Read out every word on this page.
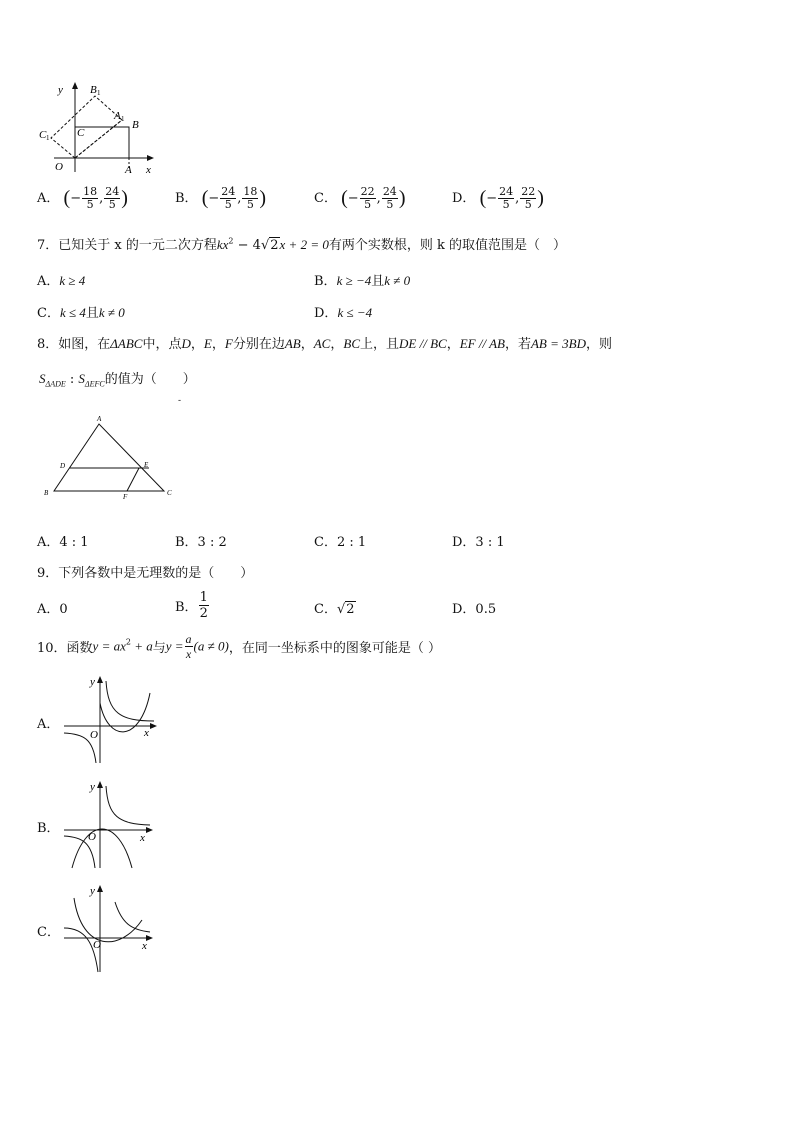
y
x
O	A
B
C
A 1
B 1
C 1
A． (− $\frac{18}{5}$ , $\frac{24}{5}$ )	B． (− $\frac{24}{5}$ , $\frac{18}{5}$ )	C． (− $\frac{22}{5}$ , $\frac{24}{5}$ )	D． (− $\frac{24}{5}$ , $\frac{22}{5}$ )
7．已知关于 x 的一元二次方程$kx^2 - 4√2x + 2 = 0$有两个实数根，则 k 的取值范围是（　）
A．k ≥ 4	B．k ≥ −4且k ≠ 0
C．k ≤ 4且k ≠ 0	D．k ≤ −4
8．如图，在ΔABC中，点D，E，F分别在边AB，AC，BC上，且DE // BC，EF // AB，若AB = 3BD，则
$S_{\Delta ADE}$ : $S_{\Delta EFC}$的值为（　　）
-
A
B	C
D	E
F
A．4 : 1	B．3 : 2	C．2 : 1	D．3 : 1
9．下列各数中是无理数的是（　　）
A．0	B． $\frac{1}{2}$	C．√2	D．0.5
10．函数$y = ax^2 + a$与$y = \frac{a}{x} (a \ne 0)$，在同一坐标系中的图象可能是（ ）
A．
y
x
O
B．
y
x
O
C．
y
x
O
